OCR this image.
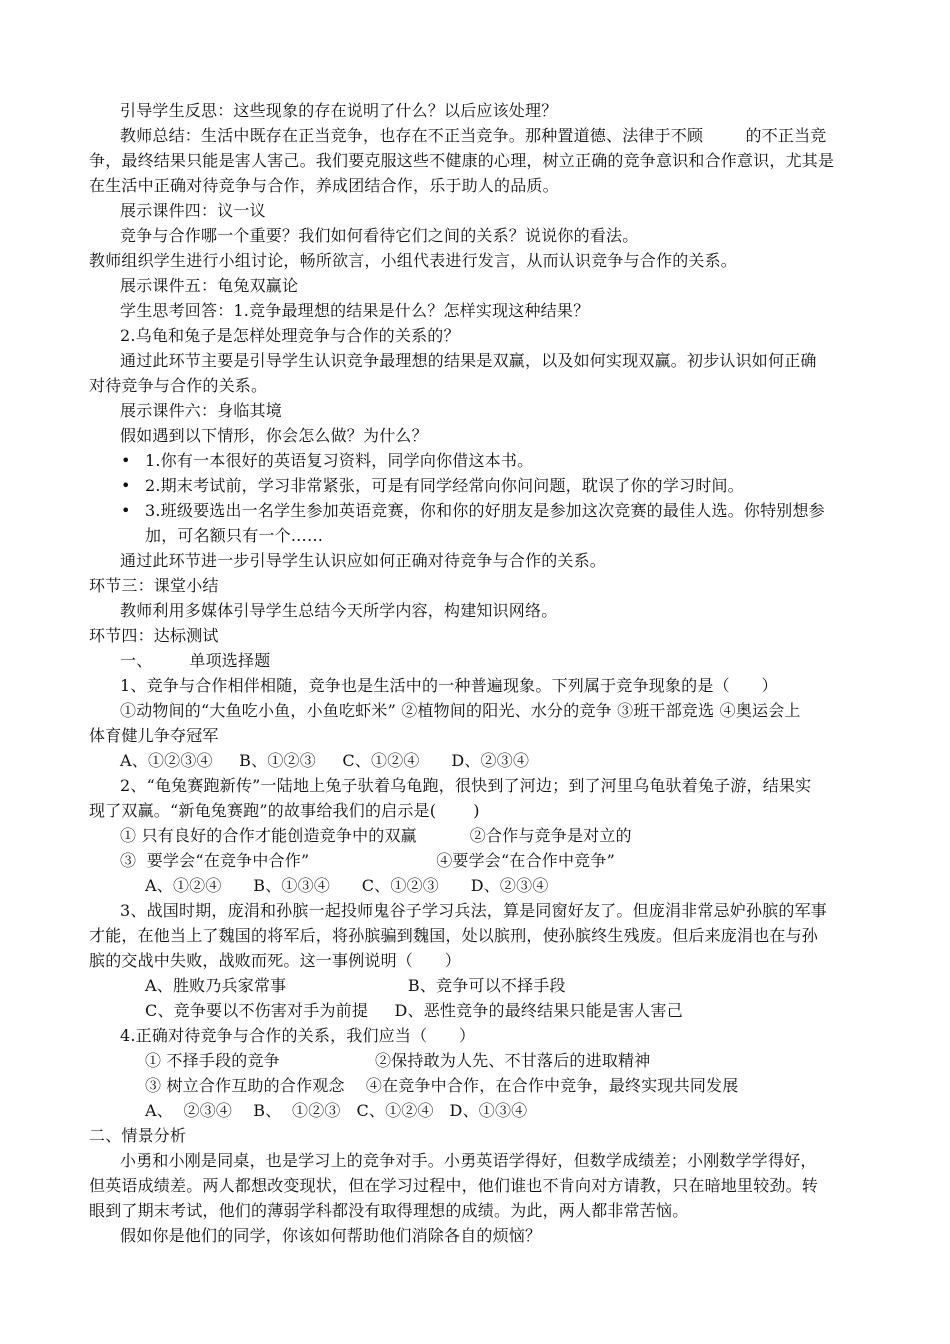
引导学生反思：这些现象的存在说明了什么？以后应该处理？
教师总结：生活中既存在正当竞争，也存在不正当竞争。那种置道德、法律于不顾        的不正当竞
争，最终结果只能是害人害己。我们要克服这些不健康的心理，树立正确的竞争意识和合作意识，尤其是
在生活中正确对待竞争与合作，养成团结合作，乐于助人的品质。
展示课件四：议一议
竞争与合作哪一个重要？我们如何看待它们之间的关系？说说你的看法。
教师组织学生进行小组讨论，畅所欲言，小组代表进行发言，从而认识竞争与合作的关系。
展示课件五：龟兔双赢论
学生思考回答：1.竞争最理想的结果是什么？怎样实现这种结果？
2.乌龟和兔子是怎样处理竞争与合作的关系的？
通过此环节主要是引导学生认识竞争最理想的结果是双赢，以及如何实现双赢。初步认识如何正确
对待竞争与合作的关系。
展示课件六：身临其境
假如遇到以下情形，你会怎么做？为什么？
• 1.你有一本很好的英语复习资料，同学向你借这本书。
• 2.期末考试前，学习非常紧张，可是有同学经常向你问问题，耽误了你的学习时间。
• 3.班级要选出一名学生参加英语竞赛，你和你的好朋友是参加这次竞赛的最佳人选。你特别想参
加，可名额只有一个……
通过此环节进一步引导学生认识应如何正确对待竞争与合作的关系。
环节三：课堂小结
教师利用多媒体引导学生总结今天所学内容，构建知识网络。
环节四：达标测试
一、       单项选择题
1、竞争与合作相伴相随，竞争也是生活中的一种普遍现象。下列属于竞争现象的是（      ）
①动物间的“大鱼吃小鱼，小鱼吃虾米” ②植物间的阳光、水分的竞争 ③班干部竞选 ④奥运会上
体育健儿争夺冠军
A、①②③④     B、①②③     C、①②④      D、②③④
2、“龟兔赛跑新传”一陆地上兔子驮着乌龟跑，很快到了河边；到了河里乌龟驮着兔子游，结果实
现了双赢。“新龟兔赛跑”的故事给我们的启示是(       )
① 只有良好的合作才能创造竞争中的双赢          ②合作与竞争是对立的
③  要学会“在竞争中合作”                        ④要学会“在合作中竞争”
A、①②④      B、①③④      C、①②③      D、②③④
3、战国时期，庞涓和孙膑一起投师鬼谷子学习兵法，算是同窗好友了。但庞涓非常忌妒孙膑的军事
才能，在他当上了魏国的将军后，将孙膑骗到魏国，处以膑刑，使孙膑终生残废。但后来庞涓也在与孙
膑的交战中失败，战败而死。这一事例说明（      ）
A、胜败乃兵家常事                       B、竞争可以不择手段
C、竞争要以不伤害对手为前提     D、恶性竞争的最终结果只能是害人害己
4.正确对待竞争与合作的关系，我们应当（      ）
① 不择手段的竞争                  ②保持敢为人先、不甘落后的进取精神
③ 树立合作互助的合作观念    ④在竞争中合作，在合作中竞争，最终实现共同发展
A、  ②③④    B、  ①②③   C、①②④   D、①③④
二、情景分析
小勇和小刚是同桌，也是学习上的竞争对手。小勇英语学得好，但数学成绩差；小刚数学学得好，
但英语成绩差。两人都想改变现状，但在学习过程中，他们谁也不肯向对方请教，只在暗地里较劲。转
眼到了期末考试，他们的薄弱学科都没有取得理想的成绩。为此，两人都非常苦恼。
假如你是他们的同学，你该如何帮助他们消除各自的烦恼？
